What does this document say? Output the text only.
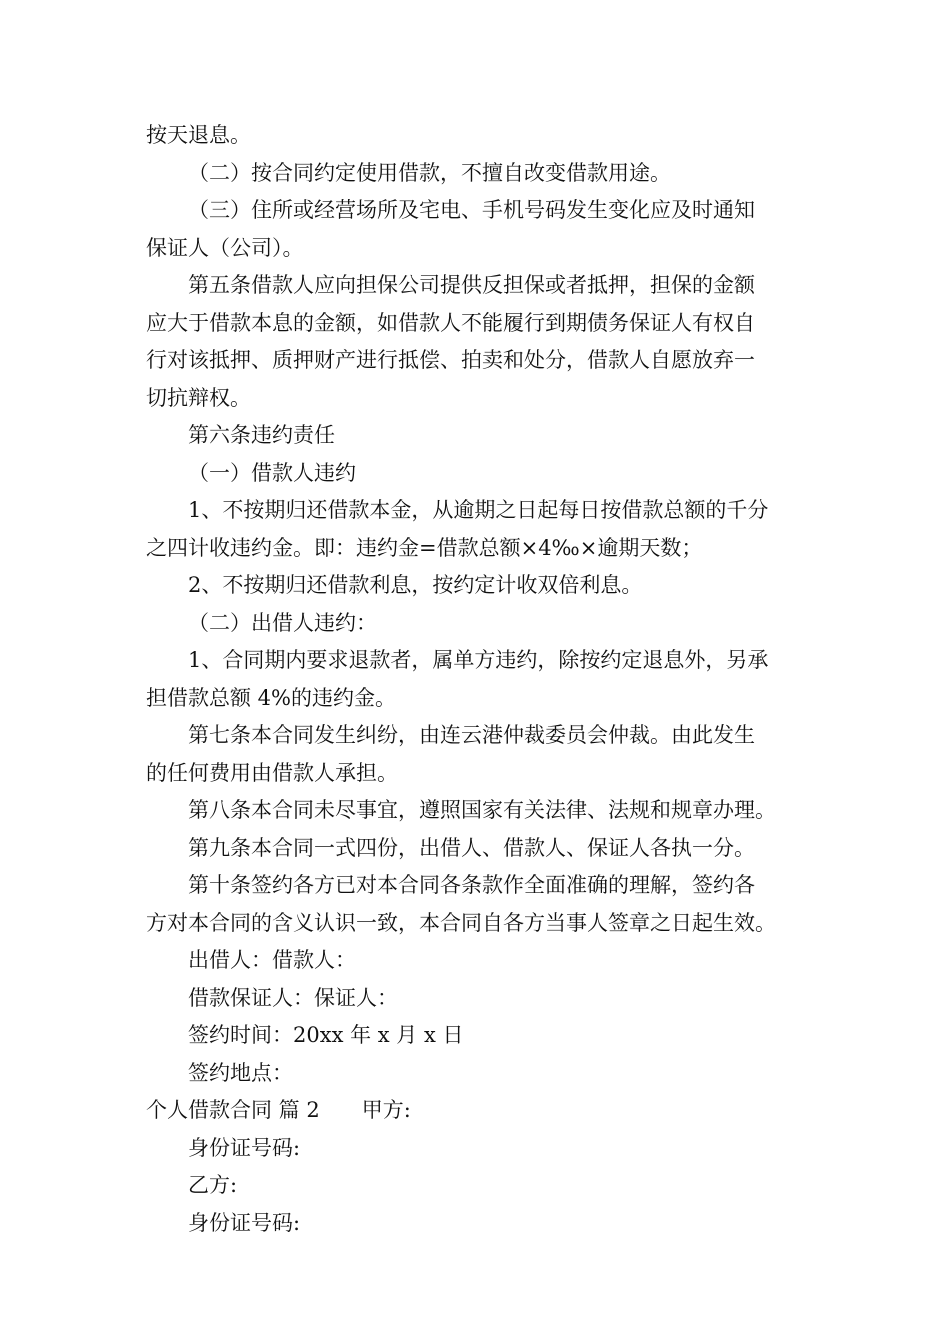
按天退息。
（二）按合同约定使用借款，不擅自改变借款用途。
（三）住所或经营场所及宅电、手机号码发生变化应及时通知
保证人（公司）。
第五条借款人应向担保公司提供反担保或者抵押，担保的金额
应大于借款本息的金额，如借款人不能履行到期债务保证人有权自
行对该抵押、质押财产进行抵偿、拍卖和处分，借款人自愿放弃一
切抗辩权。
第六条违约责任
（一）借款人违约
1、不按期归还借款本金，从逾期之日起每日按借款总额的千分
之四计收违约金。即：违约金=借款总额×4‰×逾期天数；
2、不按期归还借款利息，按约定计收双倍利息。
（二）出借人违约：
1、合同期内要求退款者，属单方违约，除按约定退息外，另承
担借款总额 4%的违约金。
第七条本合同发生纠纷，由连云港仲裁委员会仲裁。由此发生
的任何费用由借款人承担。
第八条本合同未尽事宜，遵照国家有关法律、法规和规章办理。
第九条本合同一式四份，出借人、借款人、保证人各执一分。
第十条签约各方已对本合同各条款作全面准确的理解，签约各
方对本合同的含义认识一致，本合同自各方当事人签章之日起生效。
出借人：借款人：
借款保证人：保证人：
签约时间：20xx 年 x 月 x 日
签约地点：
个人借款合同 篇 2　　甲方:
身份证号码:
乙方:
身份证号码:
